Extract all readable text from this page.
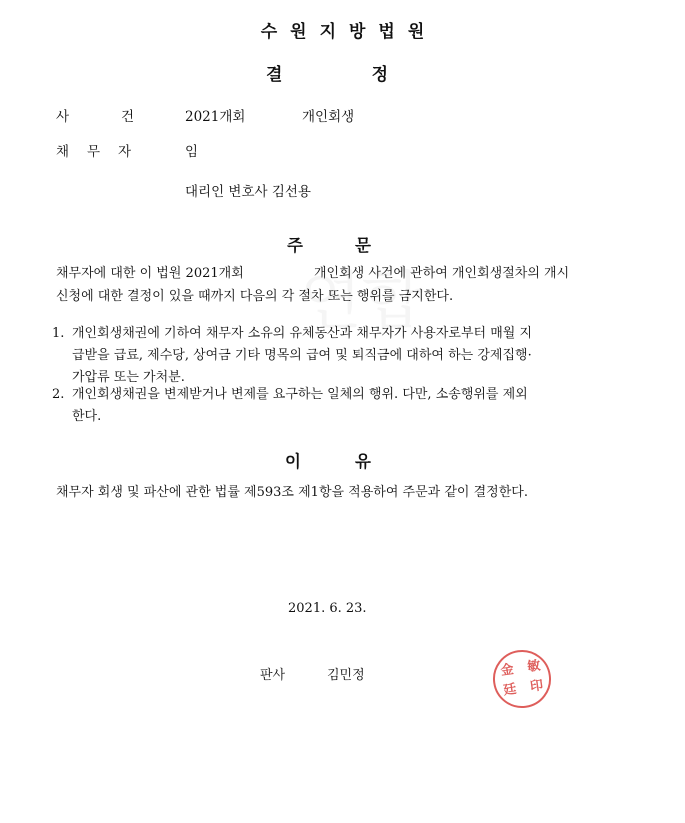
수원지방법원
결	정
사	건	2021개회	개인회생
채 무 자	임
대리인 변호사 김선용
주	문
채무자에 대한 이 법원 2021개회	개인회생 사건에 관하여 개인회생절차의 개시
신청에 대한 결정이 있을 때까지 다음의 각 절차 또는 행위를 금지한다.
1. 개인회생채권에 기하여 채무자 소유의 유체동산과 채무자가 사용자로부터 매월 지
급받을 급료, 제수당, 상여금 기타 명목의 급여 및 퇴직금에 대하여 하는 강제집행·
가압류 또는 가처분.
2. 개인회생채권을 변제받거나 변제를 요구하는 일체의 행위. 다만, 소송행위를 제외
한다.
이	유
채무자 회생 및 파산에 관한 법률 제593조 제1항을 적용하여 주문과 같이 결정한다.
2021. 6. 23.
판사	김민정	金 敏
廷 印
